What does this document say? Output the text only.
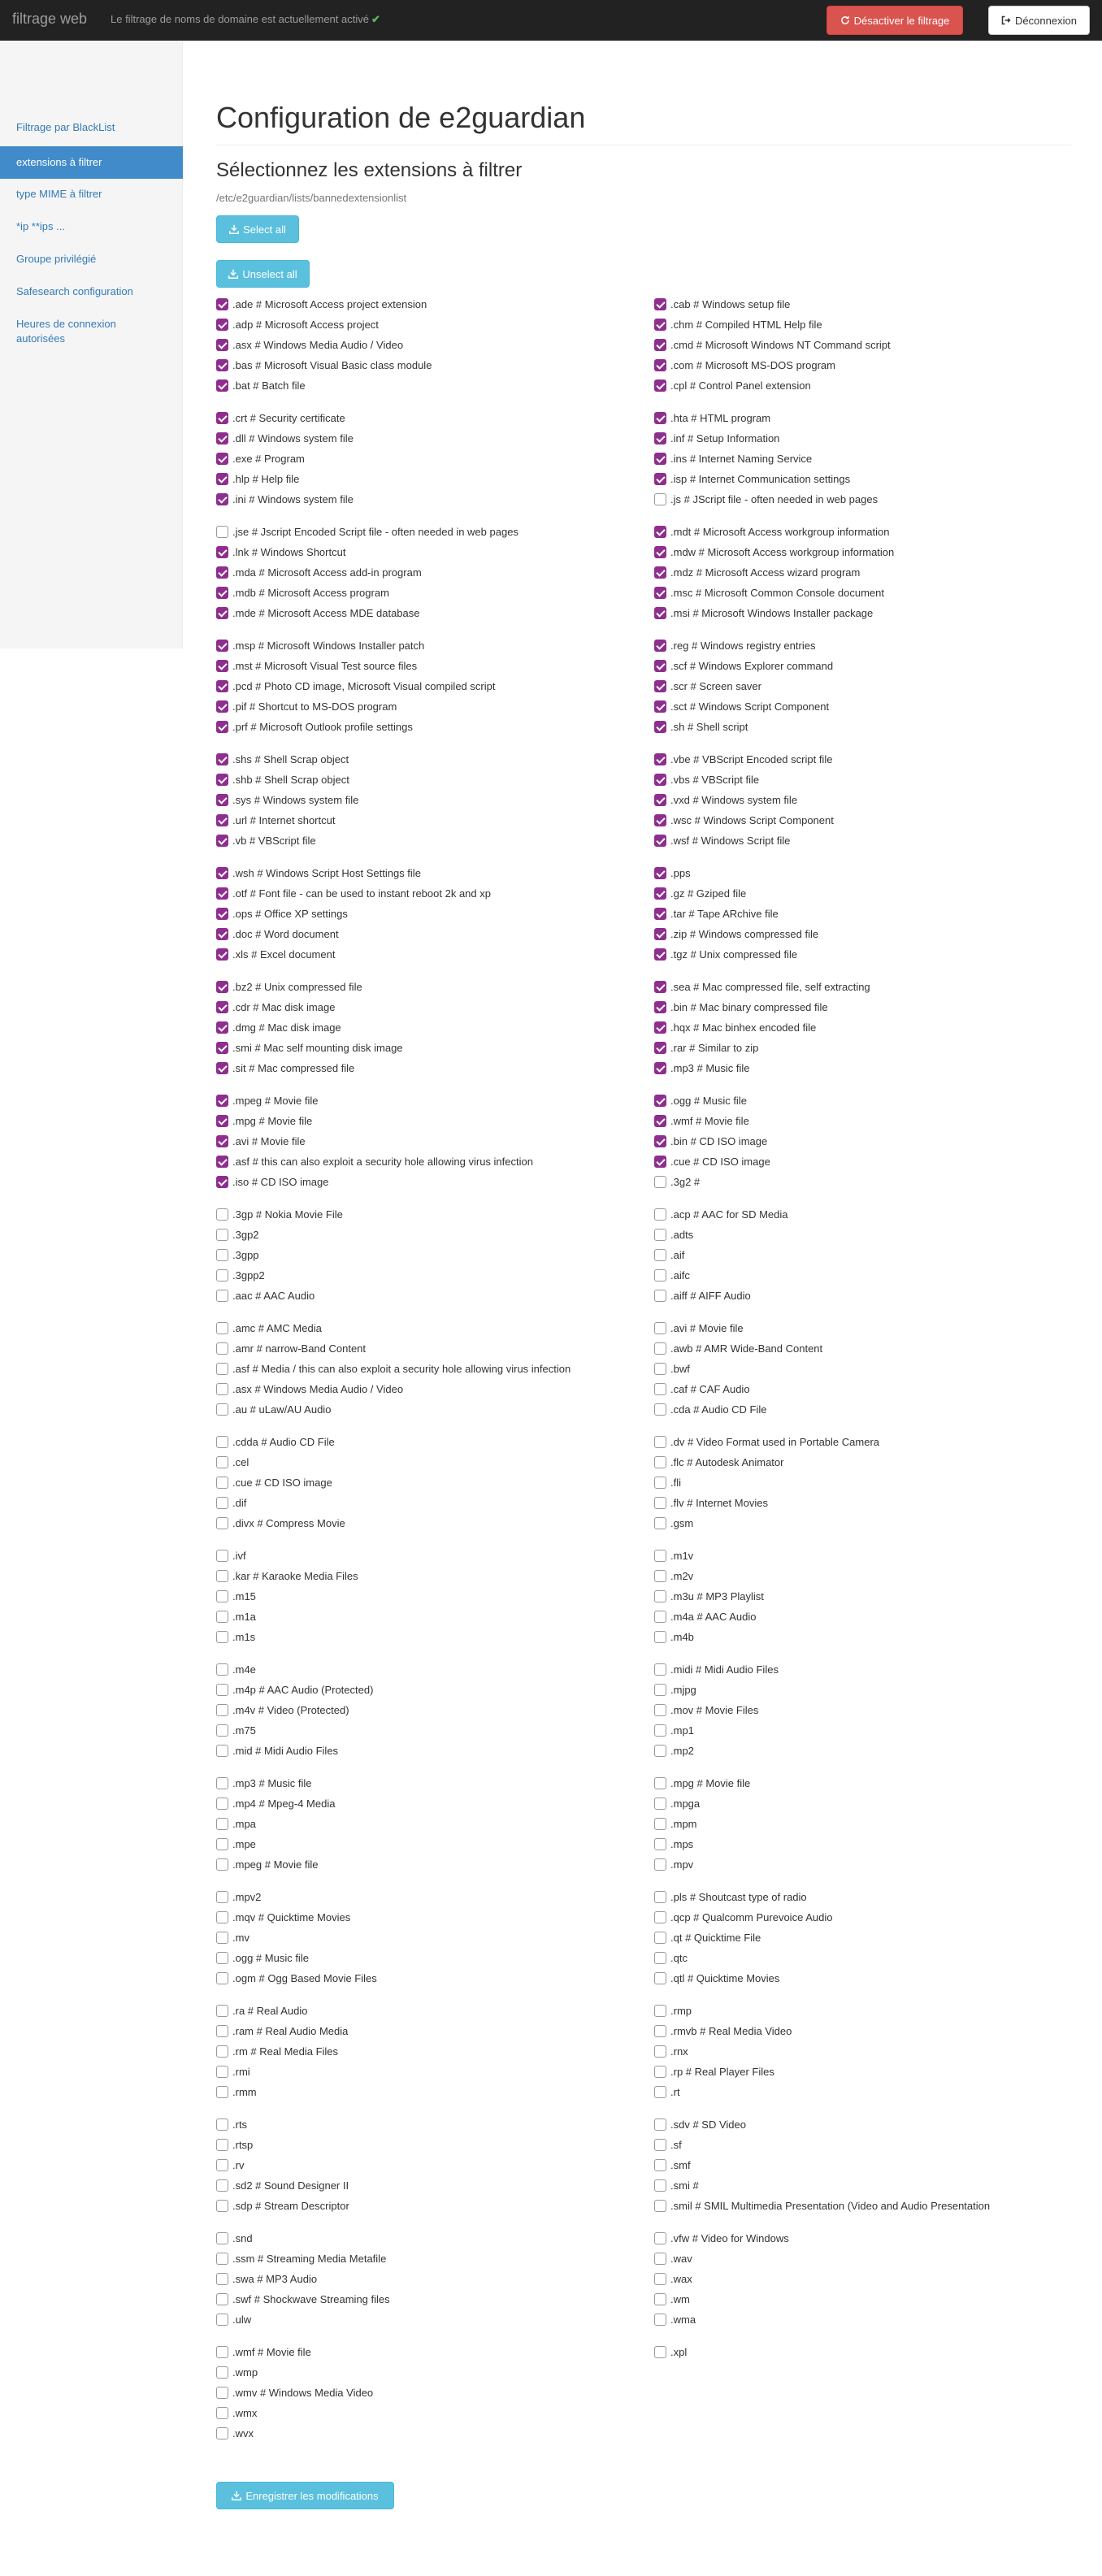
filtrage web Le filtrage de noms de domaine est actuellement activé ✔	Désactiver le filtrage	Déconnexion
Filtrage par BlackList
extensions à filtrer
type MIME à filtrer
*ip **ips ...
Groupe privilégié
Safesearch configuration
Heures de connexion autorisées
Configuration de e2guardian
Sélectionnez les extensions à filtrer
/etc/e2guardian/lists/bannedextensionlist
Select all
Unselect all
.ade # Microsoft Access project extension
.adp # Microsoft Access project
.asx # Windows Media Audio / Video
.bas # Microsoft Visual Basic class module
.bat # Batch file
.crt # Security certificate
.dll # Windows system file
.exe # Program
.hlp # Help file
.ini # Windows system file
.jse # Jscript Encoded Script file - often needed in web pages
.lnk # Windows Shortcut
.mda # Microsoft Access add-in program
.mdb # Microsoft Access program
.mde # Microsoft Access MDE database
.msp # Microsoft Windows Installer patch
.mst # Microsoft Visual Test source files
.pcd # Photo CD image, Microsoft Visual compiled script
.pif # Shortcut to MS-DOS program
.prf # Microsoft Outlook profile settings
.shs # Shell Scrap object
.shb # Shell Scrap object
.sys # Windows system file
.url # Internet shortcut
.vb # VBScript file
.wsh # Windows Script Host Settings file
.otf # Font file - can be used to instant reboot 2k and xp
.ops # Office XP settings
.doc # Word document
.xls # Excel document
.bz2 # Unix compressed file
.cdr # Mac disk image
.dmg # Mac disk image
.smi # Mac self mounting disk image
.sit # Mac compressed file
.mpeg # Movie file
.mpg # Movie file
.avi # Movie file
.asf # this can also exploit a security hole allowing virus infection
.iso # CD ISO image
.3gp # Nokia Movie File
.3gp2
.3gpp
.3gpp2
.aac # AAC Audio
.amc # AMC Media
.amr # narrow-Band Content
.asf # Media / this can also exploit a security hole allowing virus infection
.asx # Windows Media Audio / Video
.au # uLaw/AU Audio
.cdda # Audio CD File
.cel
.cue # CD ISO image
.dif
.divx # Compress Movie
.ivf
.kar # Karaoke Media Files
.m15
.m1a
.m1s
.m4e
.m4p # AAC Audio (Protected)
.m4v # Video (Protected)
.m75
.mid # Midi Audio Files
.mp3 # Music file
.mp4 # Mpeg-4 Media
.mpa
.mpe
.mpeg # Movie file
.mpv2
.mqv # Quicktime Movies
.mv
.ogg # Music file
.ogm # Ogg Based Movie Files
.ra # Real Audio
.ram # Real Audio Media
.rm # Real Media Files
.rmi
.rmm
.rts
.rtsp
.rv
.sd2 # Sound Designer II
.sdp # Stream Descriptor
.snd
.ssm # Streaming Media Metafile
.swa # MP3 Audio
.swf # Shockwave Streaming files
.ulw
.wmf # Movie file
.wmp
.wmv # Windows Media Video
.wmx
.wvx
.cab # Windows setup file
.chm # Compiled HTML Help file
.cmd # Microsoft Windows NT Command script
.com # Microsoft MS-DOS program
.cpl # Control Panel extension
.hta # HTML program
.inf # Setup Information
.ins # Internet Naming Service
.isp # Internet Communication settings
.js # JScript file - often needed in web pages
.mdt # Microsoft Access workgroup information
.mdw # Microsoft Access workgroup information
.mdz # Microsoft Access wizard program
.msc # Microsoft Common Console document
.msi # Microsoft Windows Installer package
.reg # Windows registry entries
.scf # Windows Explorer command
.scr # Screen saver
.sct # Windows Script Component
.sh # Shell script
.vbe # VBScript Encoded script file
.vbs # VBScript file
.vxd # Windows system file
.wsc # Windows Script Component
.wsf # Windows Script file
.pps
.gz # Gziped file
.tar # Tape ARchive file
.zip # Windows compressed file
.tgz # Unix compressed file
.sea # Mac compressed file, self extracting
.bin # Mac binary compressed file
.hqx # Mac binhex encoded file
.rar # Similar to zip
.mp3 # Music file
.ogg # Music file
.wmf # Movie file
.bin # CD ISO image
.cue # CD ISO image
.3g2 #
.acp # AAC for SD Media
.adts
.aif
.aifc
.aiff # AIFF Audio
.avi # Movie file
.awb # AMR Wide-Band Content
.bwf
.caf # CAF Audio
.cda # Audio CD File
.dv # Video Format used in Portable Camera
.flc # Autodesk Animator
.fli
.flv # Internet Movies
.gsm
.m1v
.m2v
.m3u # MP3 Playlist
.m4a # AAC Audio
.m4b
.midi # Midi Audio Files
.mjpg
.mov # Movie Files
.mp1
.mp2
.mpg # Movie file
.mpga
.mpm
.mps
.mpv
.pls # Shoutcast type of radio
.qcp # Qualcomm Purevoice Audio
.qt # Quicktime File
.qtc
.qtl # Quicktime Movies
.rmp
.rmvb # Real Media Video
.rnx
.rp # Real Player Files
.rt
.sdv # SD Video
.sf
.smf
.smi #
.smil # SMIL Multimedia Presentation (Video and Audio Presentation
.vfw # Video for Windows
.wav
.wax
.wm
.wma
.xpl
Enregistrer les modifications
